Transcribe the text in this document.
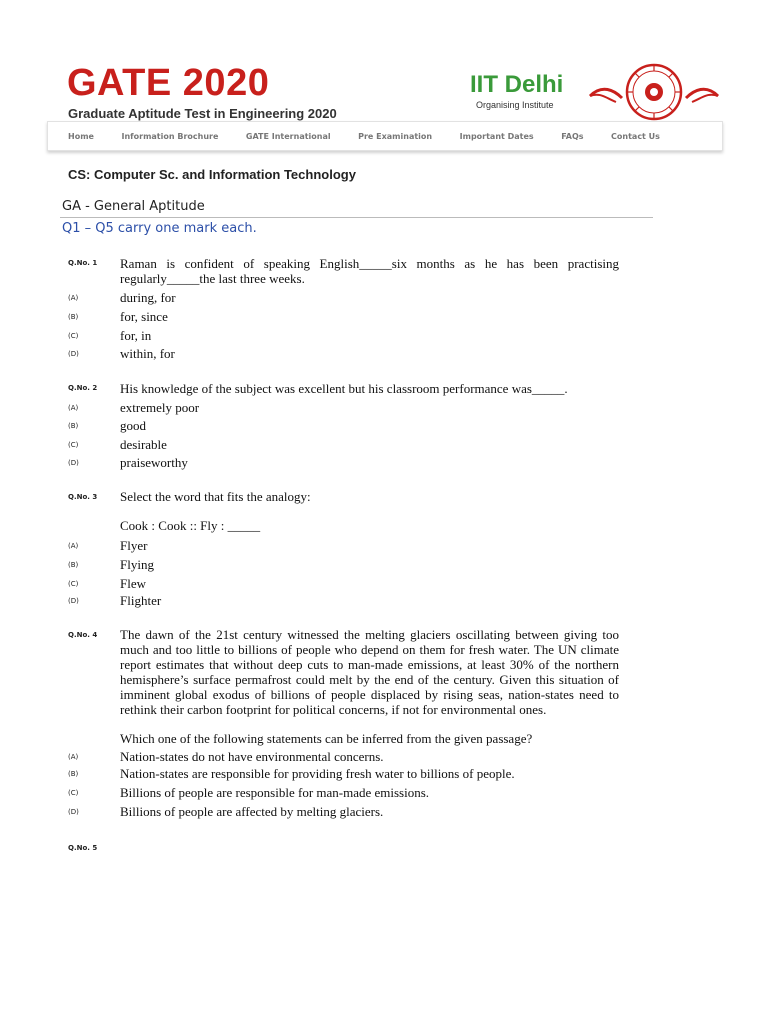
GATE 2020
Graduate Aptitude Test in Engineering 2020
IIT Delhi
Organising Institute
Home	Information Brochure	GATE International	Pre Examination	Important Dates	FAQs	Contact Us
CS: Computer Sc. and Information Technology
GA - General Aptitude
Q1 – Q5 carry one mark each.
Q.No. 1 Raman is confident of speaking English_____six months as he has been practising regularly_____the last three weeks.
(A)	during, for
(B)	for, since
(C)	for, in
(D)	within, for
Q.No. 2 His knowledge of the subject was excellent but his classroom performance was_____.
(A)	extremely poor
(B)	good
(C)	desirable
(D)	praiseworthy
Q.No. 3 Select the word that fits the analogy:
Cook : Cook :: Fly : _____
(A)	Flyer
(B)	Flying
(C)	Flew
(D)	Flighter
Q.No. 4 The dawn of the 21st century witnessed the melting glaciers oscillating between giving too much and too little to billions of people who depend on them for fresh water. The UN climate report estimates that without deep cuts to man-made emissions, at least 30% of the northern hemisphere’s surface permafrost could melt by the end of the century. Given this situation of imminent global exodus of billions of people displaced by rising seas, nation-states need to rethink their carbon footprint for political concerns, if not for environmental ones.
Which one of the following statements can be inferred from the given passage?
(A)	Nation-states do not have environmental concerns.
(B)	Nation-states are responsible for providing fresh water to billions of people.
(C)	Billions of people are responsible for man-made emissions.
(D)	Billions of people are affected by melting glaciers.
Q.No. 5
